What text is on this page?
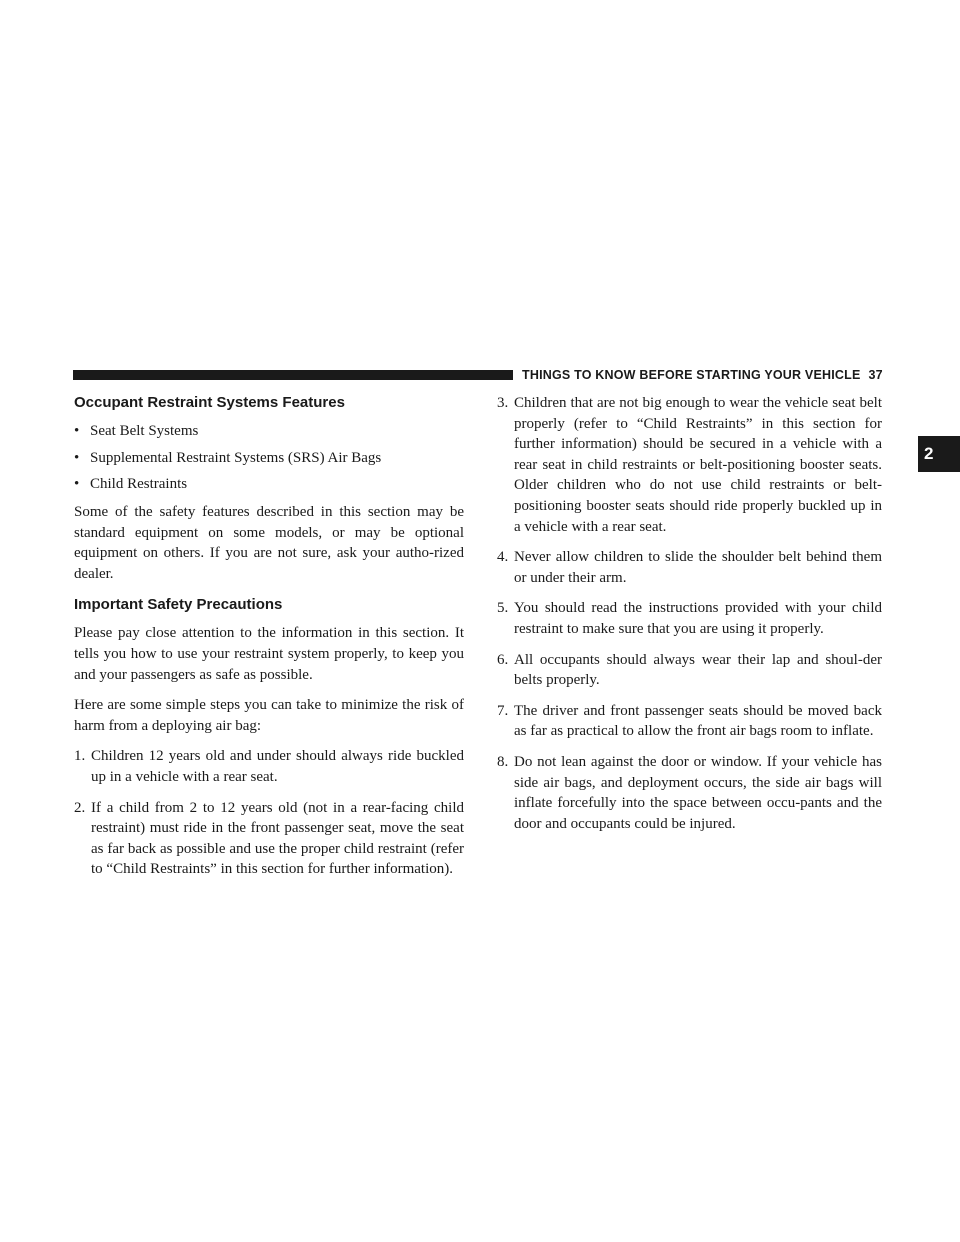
THINGS TO KNOW BEFORE STARTING YOUR VEHICLE 37
2
Occupant Restraint Systems Features
• Seat Belt Systems
• Supplemental Restraint Systems (SRS) Air Bags
• Child Restraints

Some of the safety features described in this section may be standard equipment on some models, or may be optional equipment on others. If you are not sure, ask your autho-rized dealer.

Important Safety Precautions

Please pay close attention to the information in this section. It tells you how to use your restraint system properly, to keep you and your passengers as safe as possible.

Here are some simple steps you can take to minimize the risk of harm from a deploying air bag:

1. Children 12 years old and under should always ride buckled up in a vehicle with a rear seat.
2. If a child from 2 to 12 years old (not in a rear-facing child restraint) must ride in the front passenger seat, move the seat as far back as possible and use the proper child restraint (refer to “Child Restraints” in this section for further information).
3. Children that are not big enough to wear the vehicle seat belt properly (refer to “Child Restraints” in this section for further information) should be secured in a vehicle with a rear seat in child restraints or belt-positioning booster seats. Older children who do not use child restraints or belt-positioning booster seats should ride properly buckled up in a vehicle with a rear seat.
4. Never allow children to slide the shoulder belt behind them or under their arm.
5. You should read the instructions provided with your child restraint to make sure that you are using it properly.
6. All occupants should always wear their lap and shoul-der belts properly.
7. The driver and front passenger seats should be moved back as far as practical to allow the front air bags room to inflate.
8. Do not lean against the door or window. If your vehicle has side air bags, and deployment occurs, the side air bags will inflate forcefully into the space between occu-pants and the door and occupants could be injured.
